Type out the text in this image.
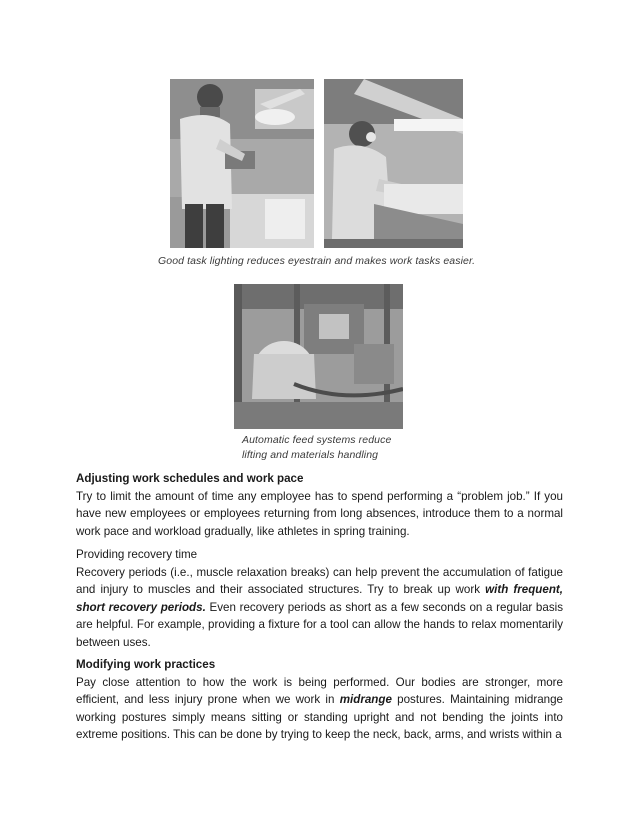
Good task lighting reduces eyestrain and makes work tasks easier.
Automatic feed systems reduce
lifting and materials handling

Adjusting work schedules and work pace

Try to limit the amount of time any employee has to spend performing a “problem job.” If you have new employees or employees returning from long absences, introduce them to a normal work pace and workload gradually, like athletes in spring training.

Providing recovery time

Recovery periods (i.e., muscle relaxation breaks) can help prevent the accumulation of fatigue and injury to muscles and their associated structures. Try to break up work with frequent, short recovery periods. Even recovery periods as short as a few seconds on a regular basis are helpful. For example, providing a fixture for a tool can allow the hands to relax momentarily between uses.

Modifying work practices

Pay close attention to how the work is being performed. Our bodies are stronger, more efficient, and less injury prone when we work in midrange postures. Maintaining midrange working postures simply means sitting or standing upright and not bending the joints into extreme positions. This can be done by trying to keep the neck, back, arms, and wrists within a
